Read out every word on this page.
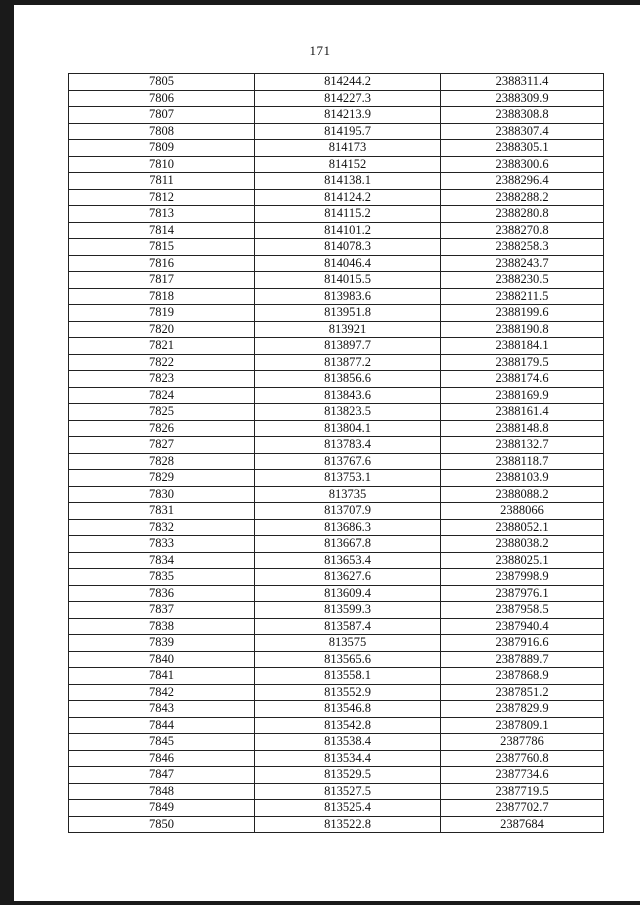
171
7805	814244.2	2388311.4
7806	814227.3	2388309.9
7807	814213.9	2388308.8
7808	814195.7	2388307.4
7809	814173	2388305.1
7810	814152	2388300.6
7811	814138.1	2388296.4
7812	814124.2	2388288.2
7813	814115.2	2388280.8
7814	814101.2	2388270.8
7815	814078.3	2388258.3
7816	814046.4	2388243.7
7817	814015.5	2388230.5
7818	813983.6	2388211.5
7819	813951.8	2388199.6
7820	813921	2388190.8
7821	813897.7	2388184.1
7822	813877.2	2388179.5
7823	813856.6	2388174.6
7824	813843.6	2388169.9
7825	813823.5	2388161.4
7826	813804.1	2388148.8
7827	813783.4	2388132.7
7828	813767.6	2388118.7
7829	813753.1	2388103.9
7830	813735	2388088.2
7831	813707.9	2388066
7832	813686.3	2388052.1
7833	813667.8	2388038.2
7834	813653.4	2388025.1
7835	813627.6	2387998.9
7836	813609.4	2387976.1
7837	813599.3	2387958.5
7838	813587.4	2387940.4
7839	813575	2387916.6
7840	813565.6	2387889.7
7841	813558.1	2387868.9
7842	813552.9	2387851.2
7843	813546.8	2387829.9
7844	813542.8	2387809.1
7845	813538.4	2387786
7846	813534.4	2387760.8
7847	813529.5	2387734.6
7848	813527.5	2387719.5
7849	813525.4	2387702.7
7850	813522.8	2387684
